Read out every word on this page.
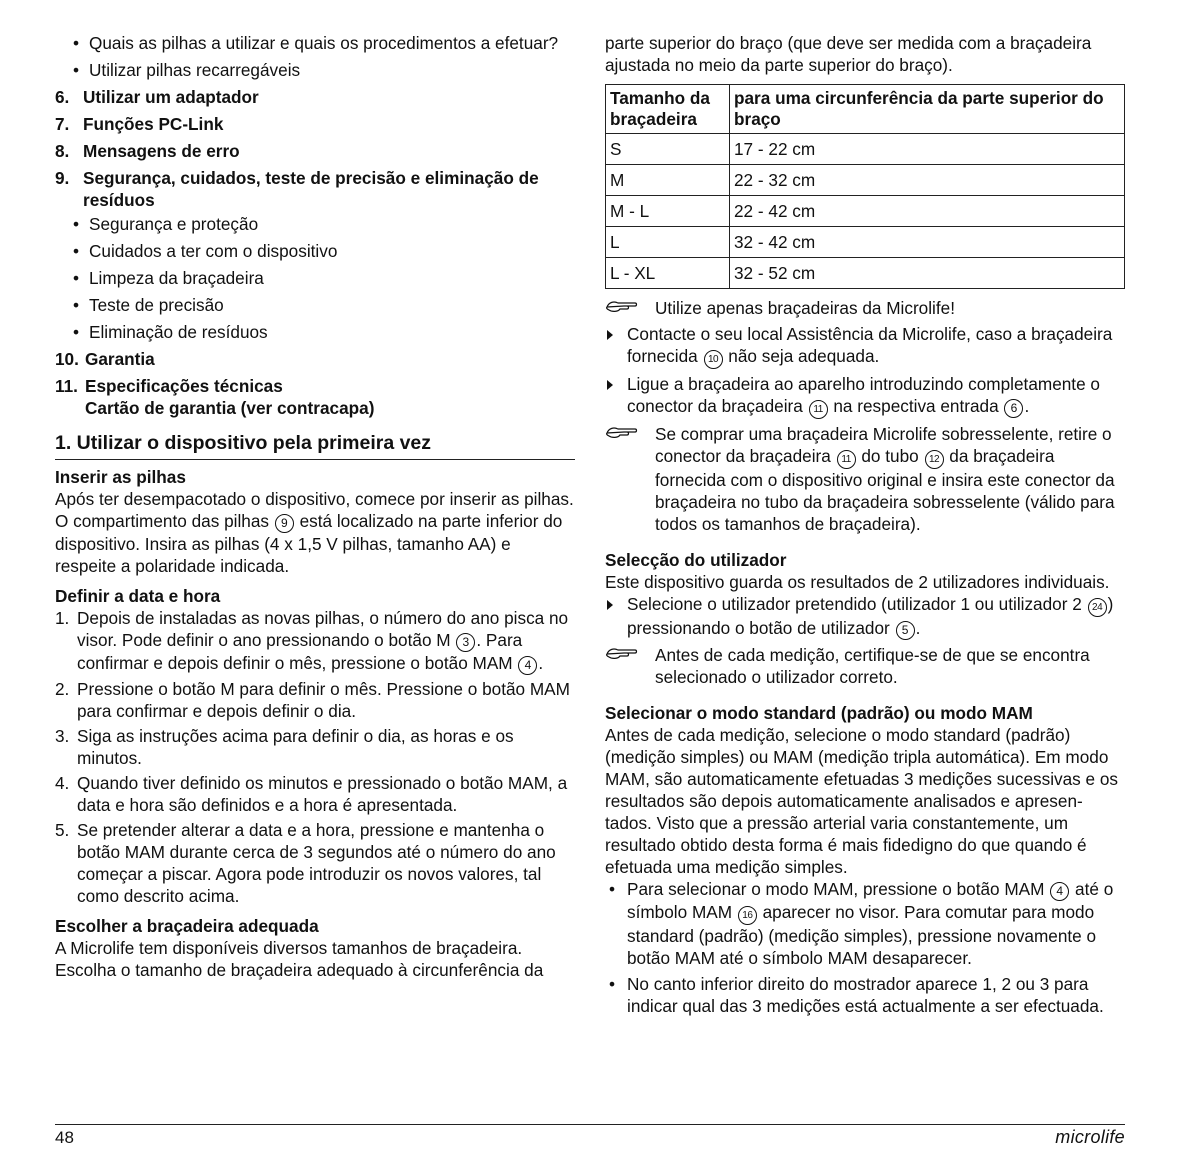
• Quais as pilhas a utilizar e quais os procedimentos a efetuar?
• Utilizar pilhas recarregáveis
6. Utilizar um adaptador
7. Funções PC-Link
8. Mensagens de erro
9. Segurança, cuidados, teste de precisão e eliminação de resíduos
• Segurança e proteção
• Cuidados a ter com o dispositivo
• Limpeza da braçadeira
• Teste de precisão
• Eliminação de resíduos
10. Garantia
11. Especificações técnicas
Cartão de garantia (ver contracapa)
1. Utilizar o dispositivo pela primeira vez
Inserir as pilhas

Após ter desempacotado o dispositivo, comece por inserir as pilhas. O compartimento das pilhas 9 está localizado na parte inferior do dispositivo. Insira as pilhas (4 x 1,5 V pilhas, tamanho AA) e respeite a polaridade indicada.

Definir a data e hora
1. Depois de instaladas as novas pilhas, o número do ano pisca no visor. Pode definir o ano pressionando o botão M 3 . Para confirmar e depois definir o mês, pressione o botão MAM 4 .
2. Pressione o botão M para definir o mês. Pressione o botão MAM para confirmar e depois definir o dia.
3. Siga as instruções acima para definir o dia, as horas e os minutos.
4. Quando tiver definido os minutos e pressionado o botão MAM, a data e hora são definidos e a hora é apresentada.
5. Se pretender alterar a data e a hora, pressione e mantenha o botão MAM durante cerca de 3 segundos até o número do ano começar a piscar. Agora pode introduzir os novos valores, tal como descrito acima.
Escolher a braçadeira adequada

A Microlife tem disponíveis diversos tamanhos de braçadeira. Escolha o tamanho de braçadeira adequado à circunferência da

parte superior do braço (que deve ser medida com a braçadeira ajustada no meio da parte superior do braço).

Tamanho da braçadeira	para uma circunferência da parte superior do braço
S	17 - 22 cm
M	22 - 32 cm
M - L	22 - 42 cm
L	32 - 42 cm
L - XL	32 - 52 cm
Utilize apenas braçadeiras da Microlife!
Contacte o seu local Assistência da Microlife, caso a braçadeira fornecida 10 não seja adequada.
Ligue a braçadeira ao aparelho introduzindo completamente o conector da braçadeira 11 na respectiva entrada 6 .
Se comprar uma braçadeira Microlife sobresselente, retire o conector da braçadeira 11 do tubo 12 da braçadeira fornecida com o dispositivo original e insira este conector da braçadeira no tubo da braçadeira sobresselente (válido para todos os tamanhos de braçadeira).
Selecção do utilizador

Este dispositivo guarda os resultados de 2 utilizadores individuais.

Selecione o utilizador pretendido (utilizador 1 ou utilizador 2 24 ) pressionando o botão de utilizador 5 .
Antes de cada medição, certifique-se de que se encontra selecionado o utilizador correto.
Selecionar o modo standard (padrão) ou modo MAM

Antes de cada medição, selecione o modo standard (padrão) (medição simples) ou MAM (medição tripla automática). Em modo MAM, são automaticamente efetuadas 3 medições sucessivas e os resultados são depois automaticamente analisados e apresen-tados. Visto que a pressão arterial varia constantemente, um resultado obtido desta forma é mais fidedigno do que quando é efetuada uma medição simples.

• Para selecionar o modo MAM, pressione o botão MAM 4 até o símbolo MAM 16 aparecer no visor. Para comutar para modo standard (padrão) (medição simples), pressione novamente o botão MAM até o símbolo MAM desaparecer.
• No canto inferior direito do mostrador aparece 1, 2 ou 3 para indicar qual das 3 medições está actualmente a ser efectuada.
48	microlife
